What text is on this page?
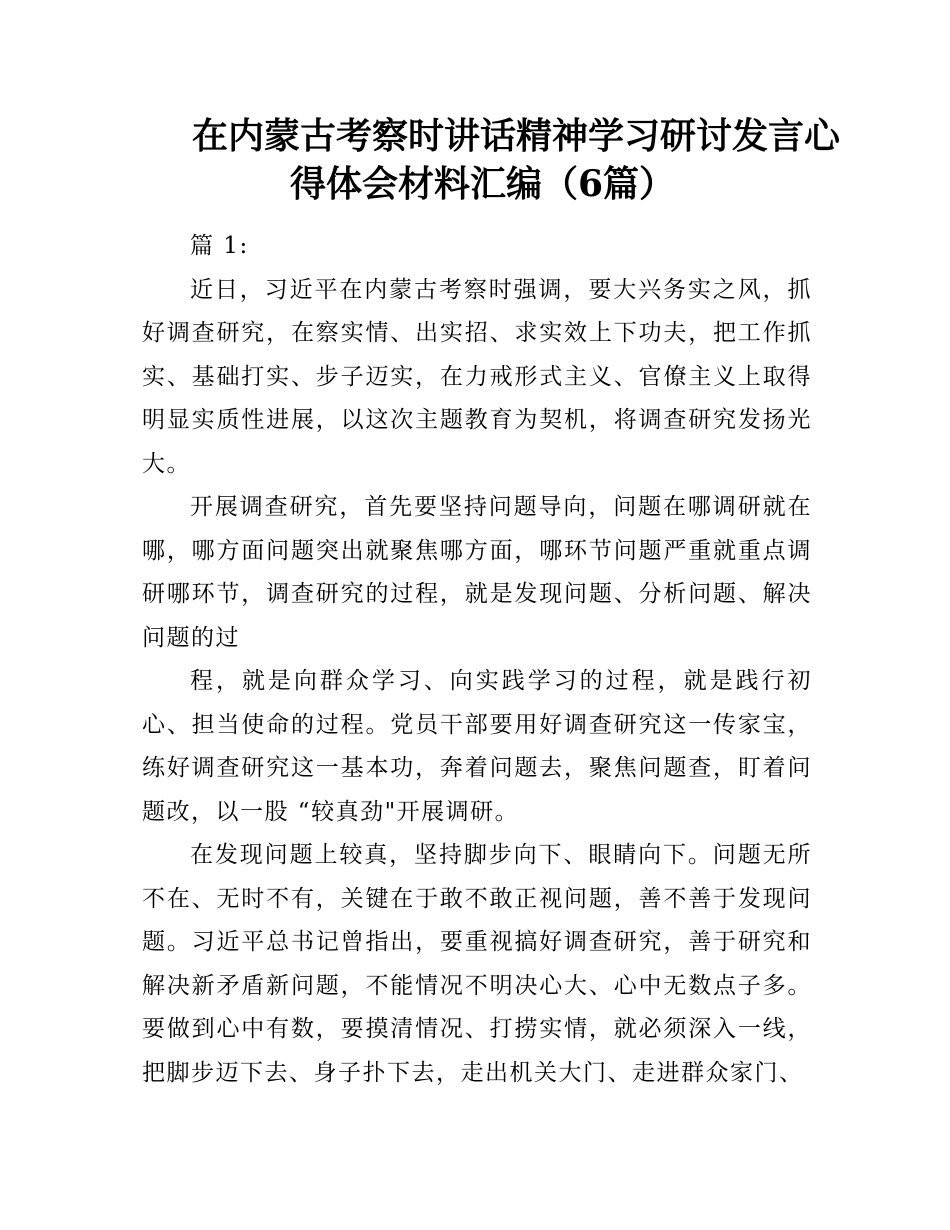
在内蒙古考察时讲话精神学习研讨发言心
得体会材料汇编（6篇）

篇 1:

近日，习近平在内蒙古考察时强调，要大兴务实之风，抓好调查研究，在察实情、出实招、求实效上下功夫，把工作抓实、基础打实、步子迈实，在力戒形式主义、官僚主义上取得明显实质性进展，以这次主题教育为契机，将调查研究发扬光大。

开展调查研究，首先要坚持问题导向，问题在哪调研就在哪，哪方面问题突出就聚焦哪方面，哪环节问题严重就重点调研哪环节，调查研究的过程，就是发现问题、分析问题、解决问题的过

程，就是向群众学习、向实践学习的过程，就是践行初心、担当使命的过程。党员干部要用好调查研究这一传家宝，练好调查研究这一基本功，奔着问题去，聚焦问题查，盯着问题改，以一股 “较真劲"开展调研。

在发现问题上较真，坚持脚步向下、眼睛向下。问题无所不在、无时不有，关键在于敢不敢正视问题，善不善于发现问题。习近平总书记曾指出，要重视搞好调查研究，善于研究和解决新矛盾新问题，不能情况不明决心大、心中无数点子多。要做到心中有数，要摸清情况、打捞实情，就必须深入一线，把脚步迈下去、身子扑下去，走出机关大门、走进群众家门、
